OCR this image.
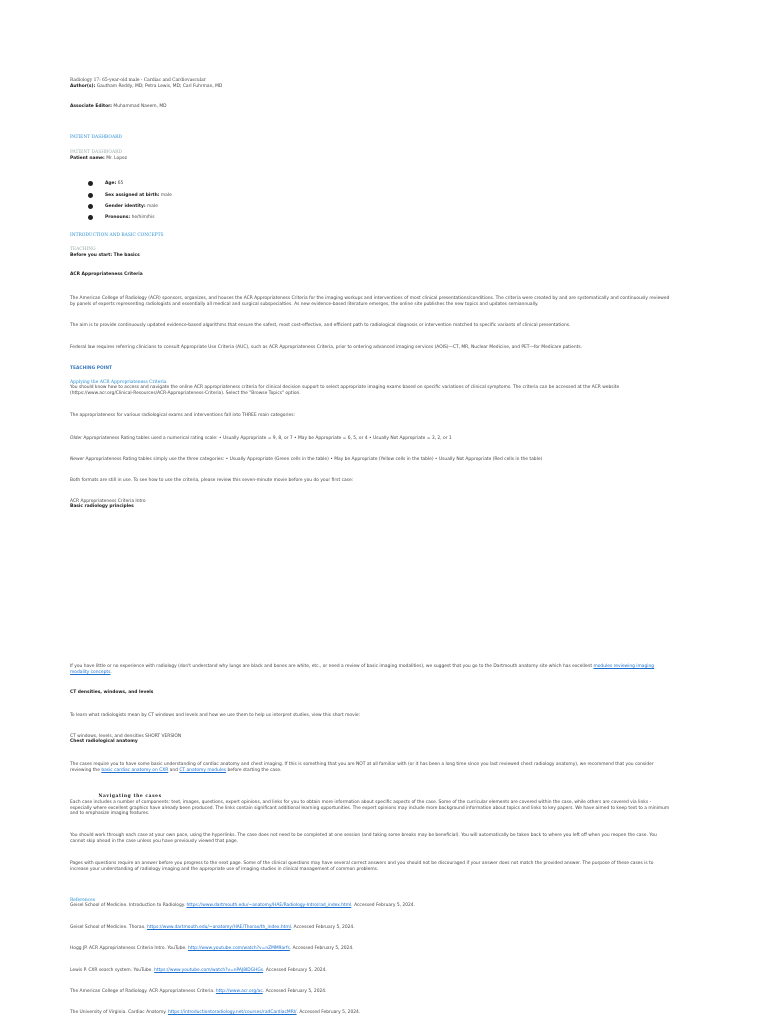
Radiology 17: 65-year-old male - Cardiac and Cardiovascular

Author(s): Gautham Reddy, MD; Petra Lewis, MD; Carl Fuhrman, MD

Associate Editor: Muhammad Naeem, MD

PATIENT DASHBOARD

PATIENT DASHBOARD

Patient name: Mr. Lopez

Age: 65
Sex assigned at birth: male
Gender identity: male
Pronouns: he/him/his

INTRODUCTION AND BASIC CONCEPTS

TEACHING

Before you start: The basics

ACR Appropriateness Criteria

The American College of Radiology (ACR) sponsors, organizes, and houses the ACR Appropriateness Criteria for the imaging workups and interventions of most clinical presentations/conditions. The criteria were created by and are systematically and continuously reviewed by panels of experts representing radiologists and essentially all medical and surgical subspecialties. As new evidence-based literature emerges, the online site publishes the new topics and updates semiannually.

The aim is to provide continuously updated evidence-based algorithms that ensure the safest, most cost-effective, and efficient path to radiological diagnosis or intervention matched to specific variants of clinical presentations.

Federal law requires referring clinicians to consult Appropriate Use Criteria (AUC), such as ACR Appropriateness Criteria, prior to ordering advanced imaging services (AOIS)—CT, MR, Nuclear Medicine, and PET—for Medicare patients.

TEACHING POINT

Applying the ACR Appropriateness Criteria

You should know how to access and navigate the online ACR appropriateness criteria for clinical decision support to select appropriate imaging exams based on specific variations of clinical symptoms. The criteria can be accessed at the ACR website (https://www.acr.org/Clinical-Resources/ACR-Appropriateness-Criteria). Select the "Browse Topics" option.

The appropriateness for various radiological exams and interventions fall into THREE main categories:

Older Appropriateness Rating tables used a numerical rating scale: • Usually Appropriate = 9, 8, or 7 • May be Appropriate = 6, 5, or 4 • Usually Not Appropriate = 3, 2, or 1

Newer Appropriateness Rating tables simply use the three categories: • Usually Appropriate (Green cells in the table) • May be Appropriate (Yellow cells in the table) • Usually Not Appropriate (Red cells in the table)

Both formats are still in use. To see how to use the criteria, please review this seven-minute movie before you do your first case:

ACR Appropriateness Criteria Intro

Basic radiology principles

If you have little or no experience with radiology (don't understand why lungs are black and bones are white, etc., or need a review of basic imaging modalities), we suggest that you go to the Dartmouth anatomy site which has excellent modules reviewing imaging modality concepts.

CT densities, windows, and levels

To learn what radiologists mean by CT windows and levels and how we use them to help us interpret studies, view this short movie:

CT windows, levels, and densities SHORT VERSION

Chest radiological anatomy

The cases require you to have some basic understanding of cardiac anatomy and chest imaging. If this is something that you are NOT at all familiar with (or it has been a long time since you last reviewed chest radiology anatomy), we recommend that you consider reviewing the basic cardiac anatomy on CXR and CT anatomy modules before starting the case.

Navigating the cases

Each case includes a number of components: text, images, questions, expert opinions, and links for you to obtain more information about specific aspects of the case. Some of the curricular elements are covered within the case, while others are covered via links - especially where excellent graphics have already been produced. The links contain significant additional learning opportunities. The expert opinions may include more background information about topics and links to key papers. We have aimed to keep text to a minimum and to emphasize imaging features.

You should work through each case at your own pace, using the hyperlinks. The case does not need to be completed at one session (and taking some breaks may be beneficial). You will automatically be taken back to where you left off when you reopen the case. You cannot skip ahead in the case unless you have previously viewed that page.

Pages with questions require an answer before you progress to the next page. Some of the clinical questions may have several correct answers and you should not be discouraged if your answer does not match the provided answer. The purpose of these cases is to increase your understanding of radiology imaging and the appropriate use of imaging studies in clinical management of common problems.

References

Geisel School of Medicine. Introduction to Radiology. https://www.dartmouth.edu/~anatomy/HAE/Radiology-Intro/rad_index.html. Accessed February 5, 2024.

Geisel School of Medicine. Thorax. https://www.dartmouth.edu/~anatomy/HAE/Thorax/th_index.html. Accessed February 5, 2024.

Hogg JP. ACR Appropriateness Criteria Intro. YouTube. http://www.youtube.com/watch?v=nZMM9arfs. Accessed February 5, 2024.

Lewis P. CXR search system. YouTube. https://www.youtube.com/watch?v=nPAJ8IDGHGs. Accessed February 5, 2024.

The American College of Radiology. ACR Appropriateness Criteria. http://www.acr.org/ac. Accessed February 5, 2024.

The University of Virginia. Cardiac Anatomy. https://introductiontoradiology.net/courses/radCardiacMRI/. Accessed February 5, 2024.
